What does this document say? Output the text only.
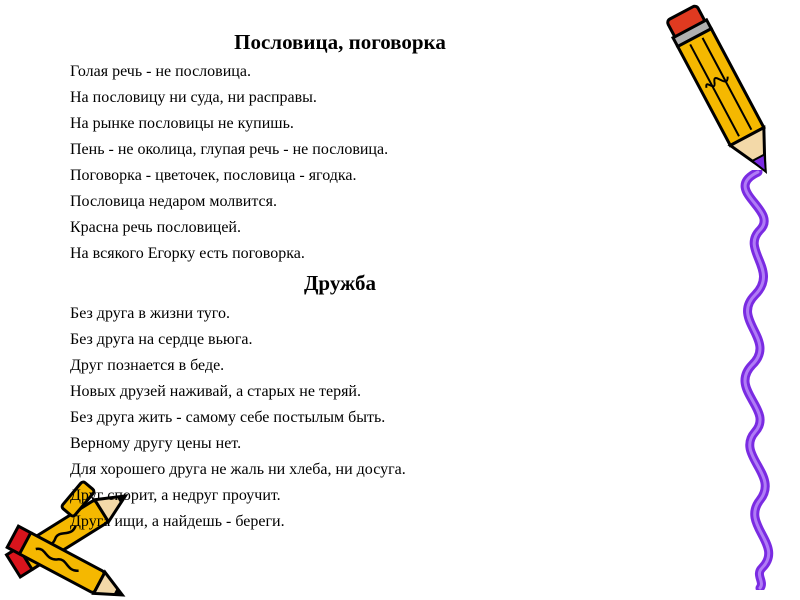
Пословица, поговорка
Голая речь - не пословица.
На пословицу ни суда, ни расправы.
На рынке пословицы не купишь.
Пень - не околица, глупая речь - не пословица.
Поговорка - цветочек, пословица - ягодка.
Пословица недаром молвится.
Красна речь пословицей.
На всякого Егорку есть поговорка.
Дружба
Без друга в жизни туго.
Без друга на сердце вьюга.
Друг познается в беде.
Новых друзей наживай, а старых не теряй.
Без друга жить - самому себе постылым быть.
Верному другу цены нет.
Для хорошего друга не жаль ни хлеба, ни досуга.
Друг спорит, а недруг проучит.
Друга ищи, а найдешь - береги.
